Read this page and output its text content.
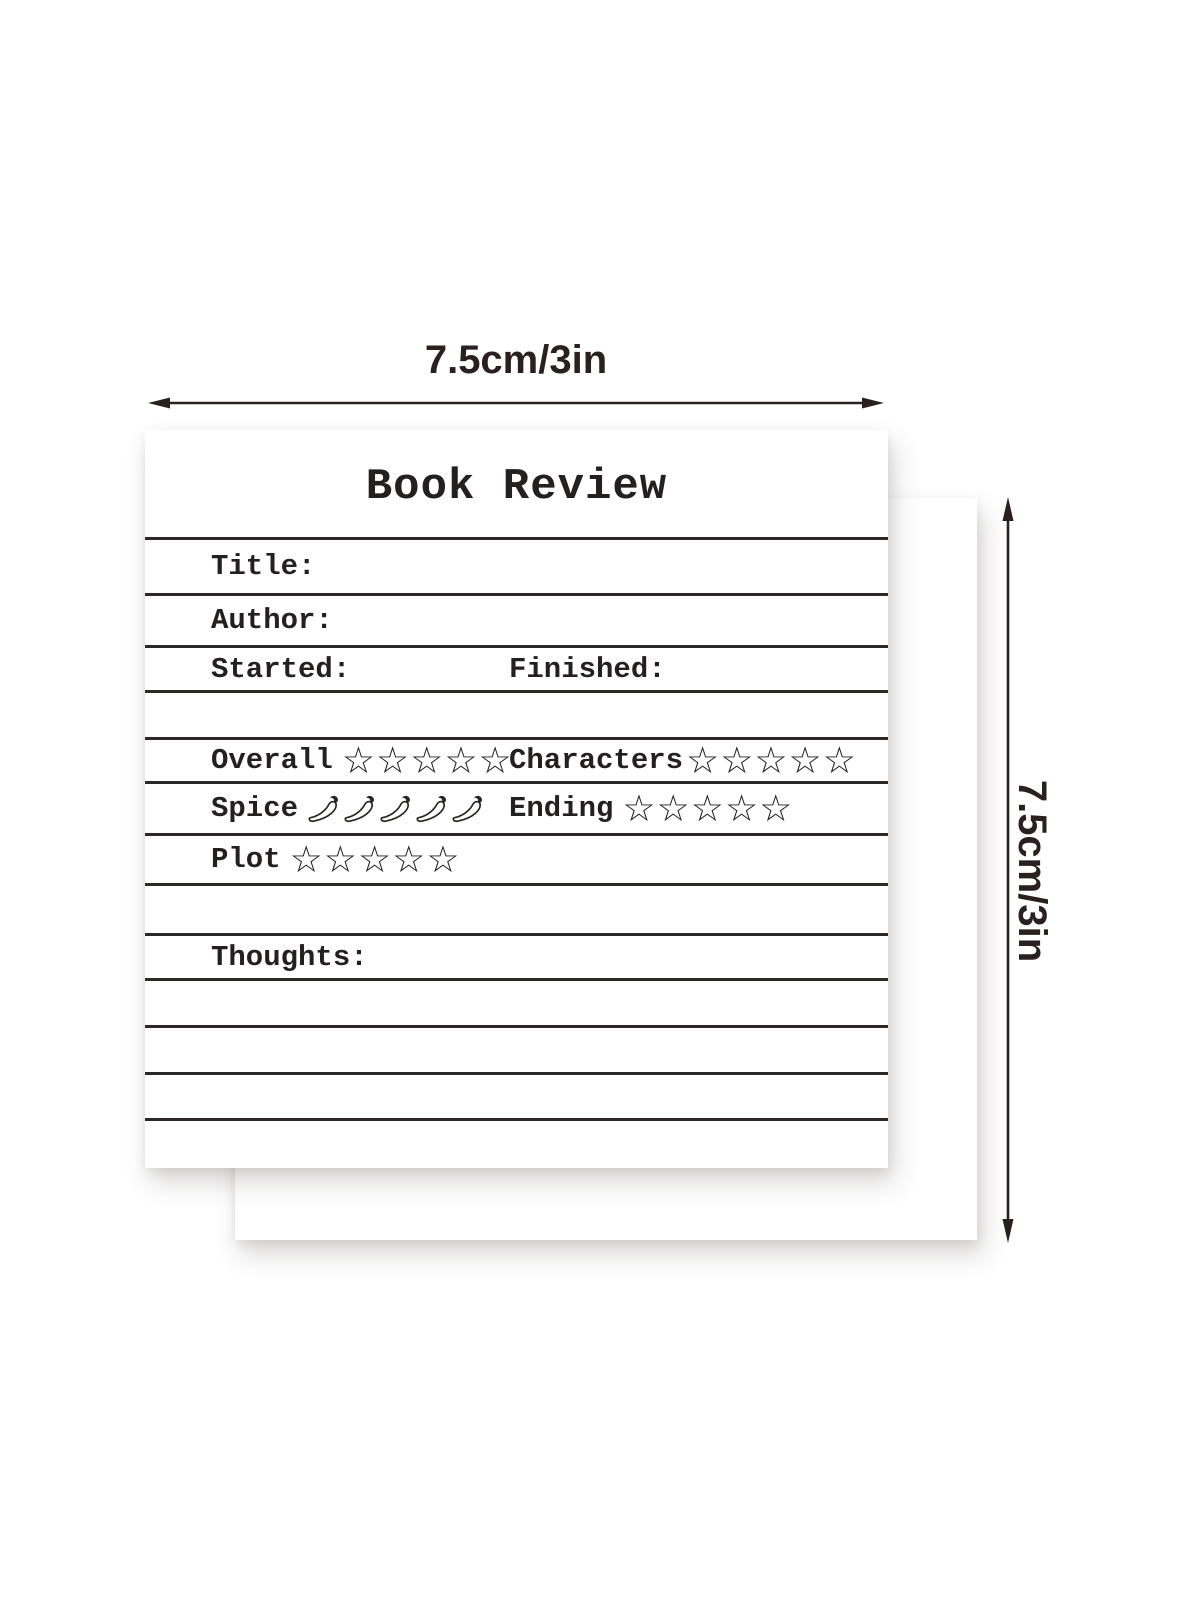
7.5cm/3in
7.5cm/3in
Book Review
Title:
Author:
Started:	Finished:
Overall ☆ ☆ ☆ ☆ ☆
Characters ☆ ☆ ☆ ☆ ☆
Spice	Ending ☆ ☆ ☆ ☆ ☆
Plot ☆ ☆ ☆ ☆ ☆
Thoughts:
